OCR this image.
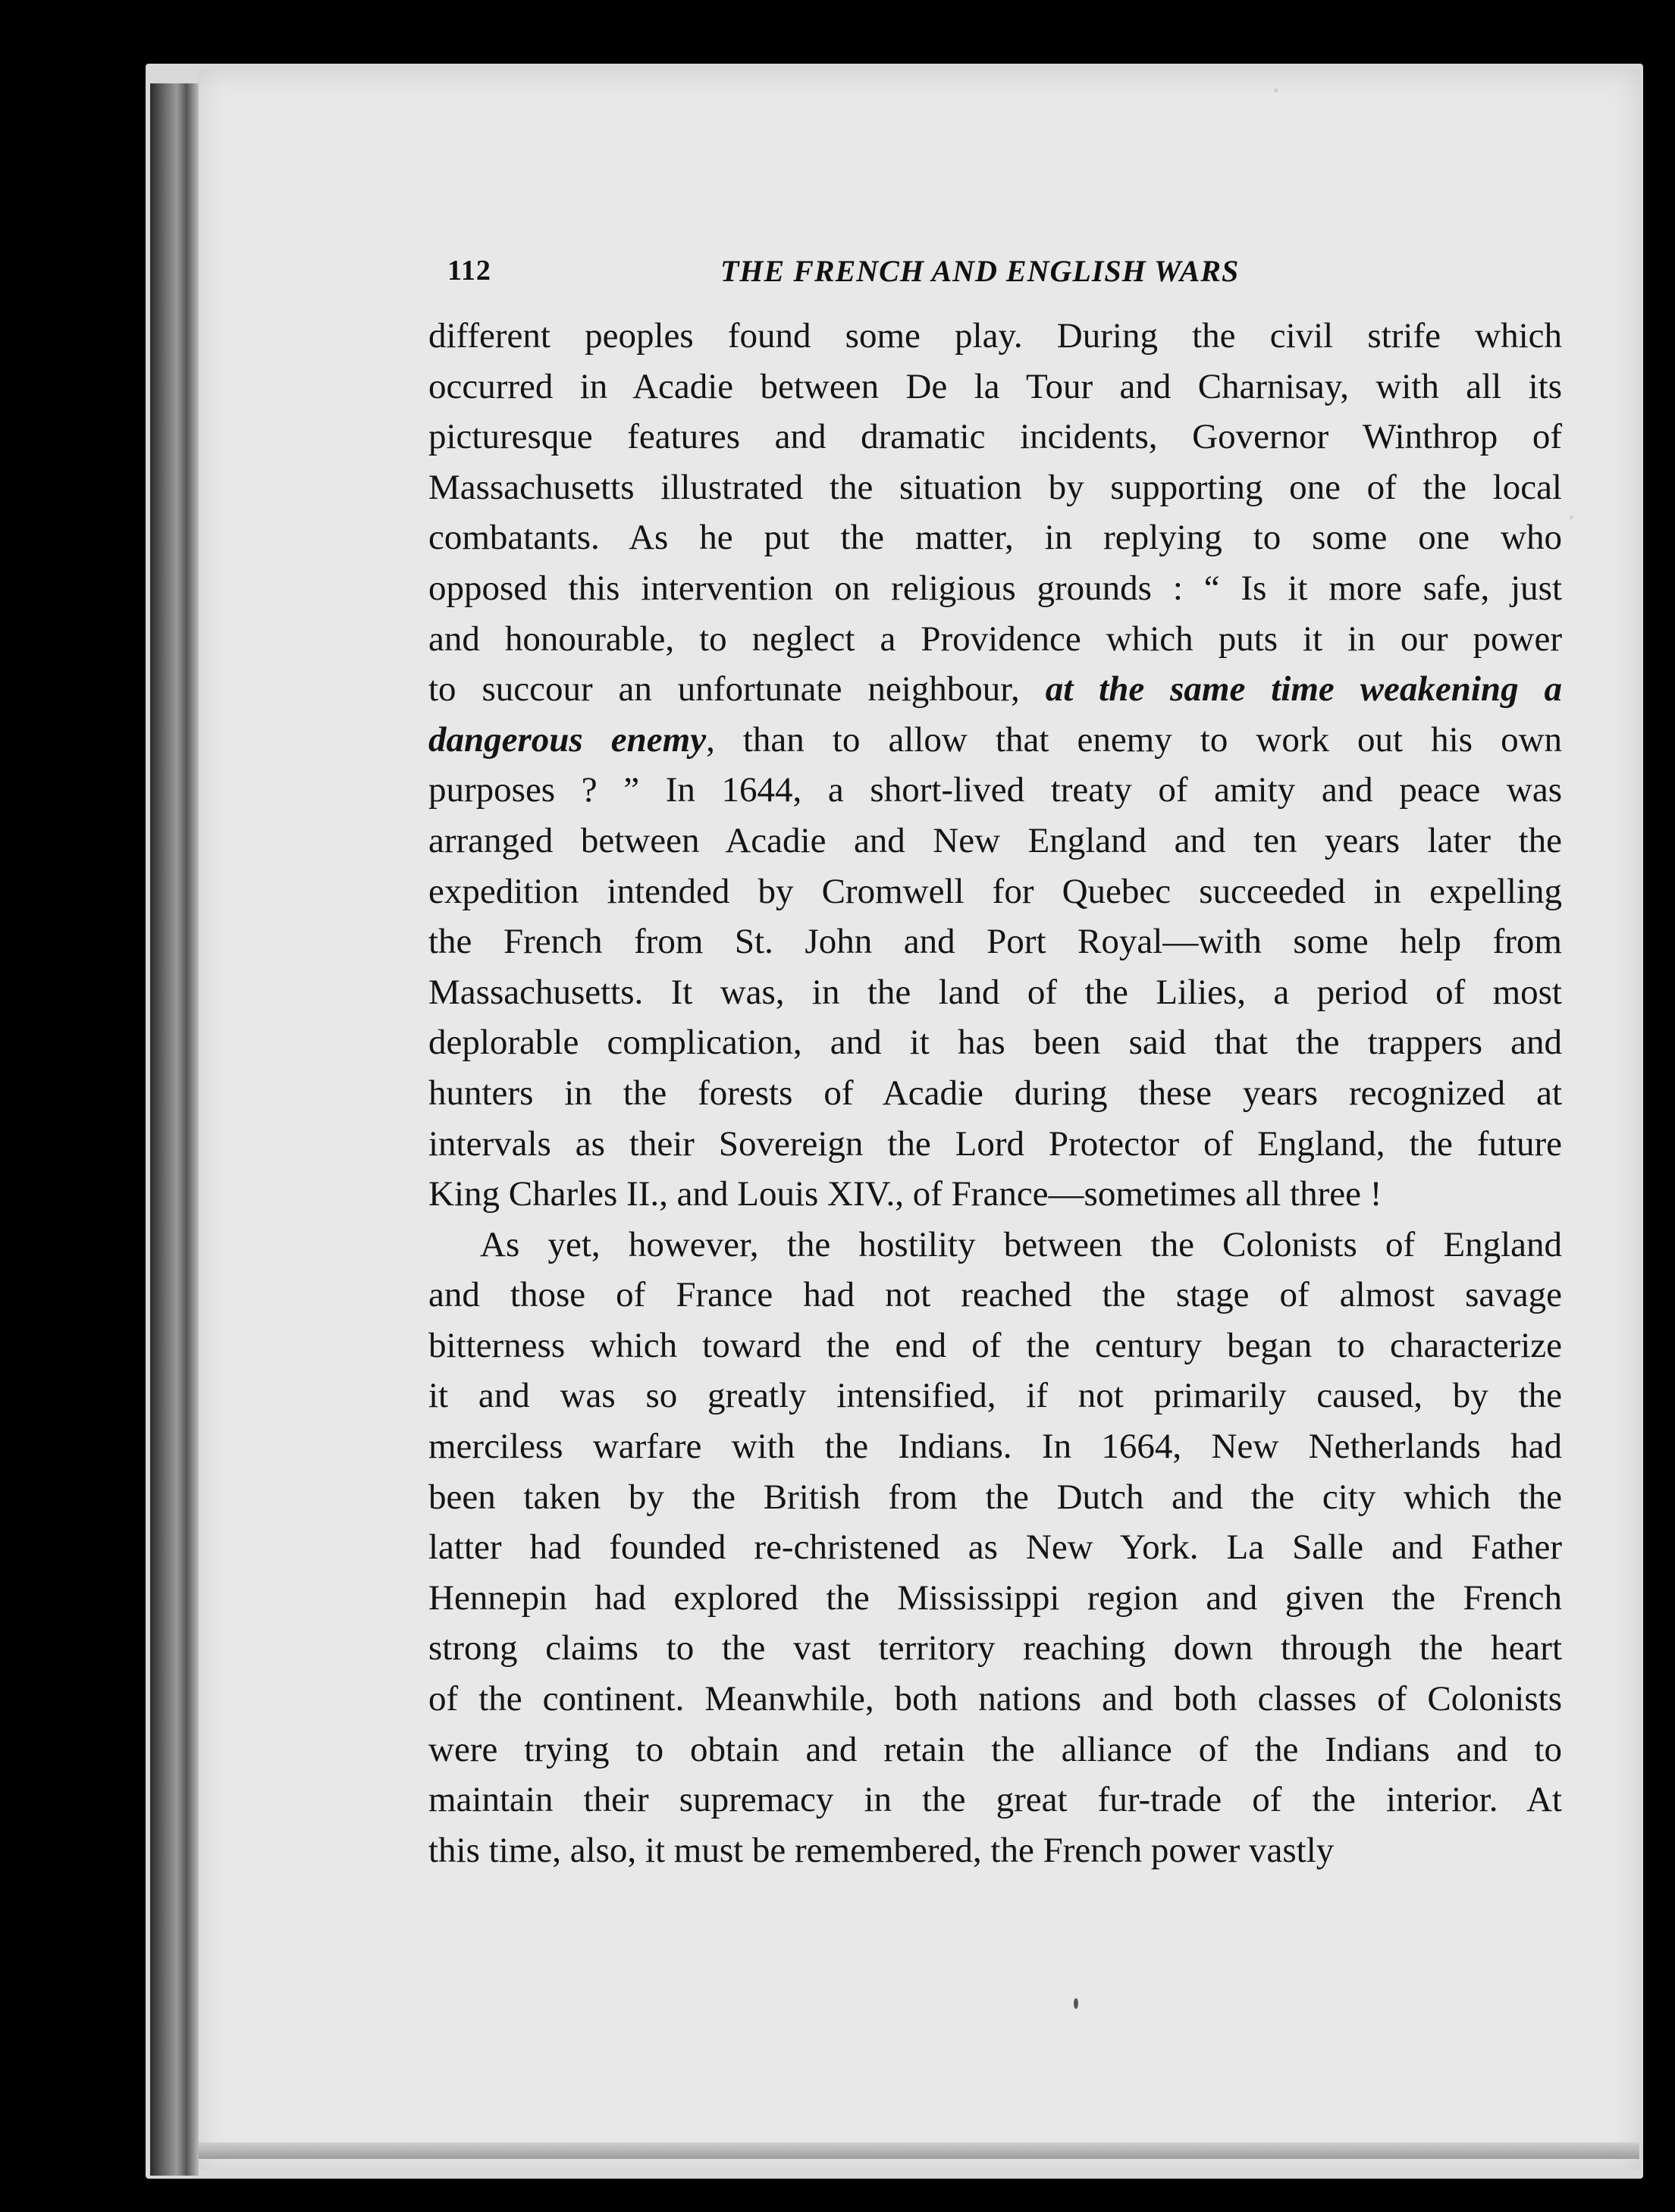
112	THE FRENCH AND ENGLISH WARS
different peoples found some play. During the civil strife which
occurred in Acadie between De la Tour and Charnisay, with all its
picturesque features and dramatic incidents, Governor Winthrop of
Massachusetts illustrated the situation by supporting one of the local
combatants. As he put the matter, in replying to some one who
opposed this intervention on religious grounds : “ Is it more safe, just
and honourable, to neglect a Providence which puts it in our power
to succour an unfortunate neighbour, at the same time weakening a
dangerous enemy, than to allow that enemy to work out his own
purposes ? ” In 1644, a short-lived treaty of amity and peace was
arranged between Acadie and New England and ten years later the
expedition intended by Cromwell for Quebec succeeded in expelling
the French from St. John and Port Royal—with some help from
Massachusetts. It was, in the land of the Lilies, a period of most
deplorable complication, and it has been said that the trappers and
hunters in the forests of Acadie during these years recognized at
intervals as their Sovereign the Lord Protector of England, the future
King Charles II., and Louis XIV., of France—sometimes all three !
As yet, however, the hostility between the Colonists of England
and those of France had not reached the stage of almost savage
bitterness which toward the end of the century began to characterize
it and was so greatly intensified, if not primarily caused, by the
merciless warfare with the Indians. In 1664, New Netherlands had
been taken by the British from the Dutch and the city which the
latter had founded re-christened as New York. La Salle and Father
Hennepin had explored the Mississippi region and given the French
strong claims to the vast territory reaching down through the heart
of the continent. Meanwhile, both nations and both classes of Colonists
were trying to obtain and retain the alliance of the Indians and to
maintain their supremacy in the great fur-trade of the interior. At
this time, also, it must be remembered, the French power vastly
